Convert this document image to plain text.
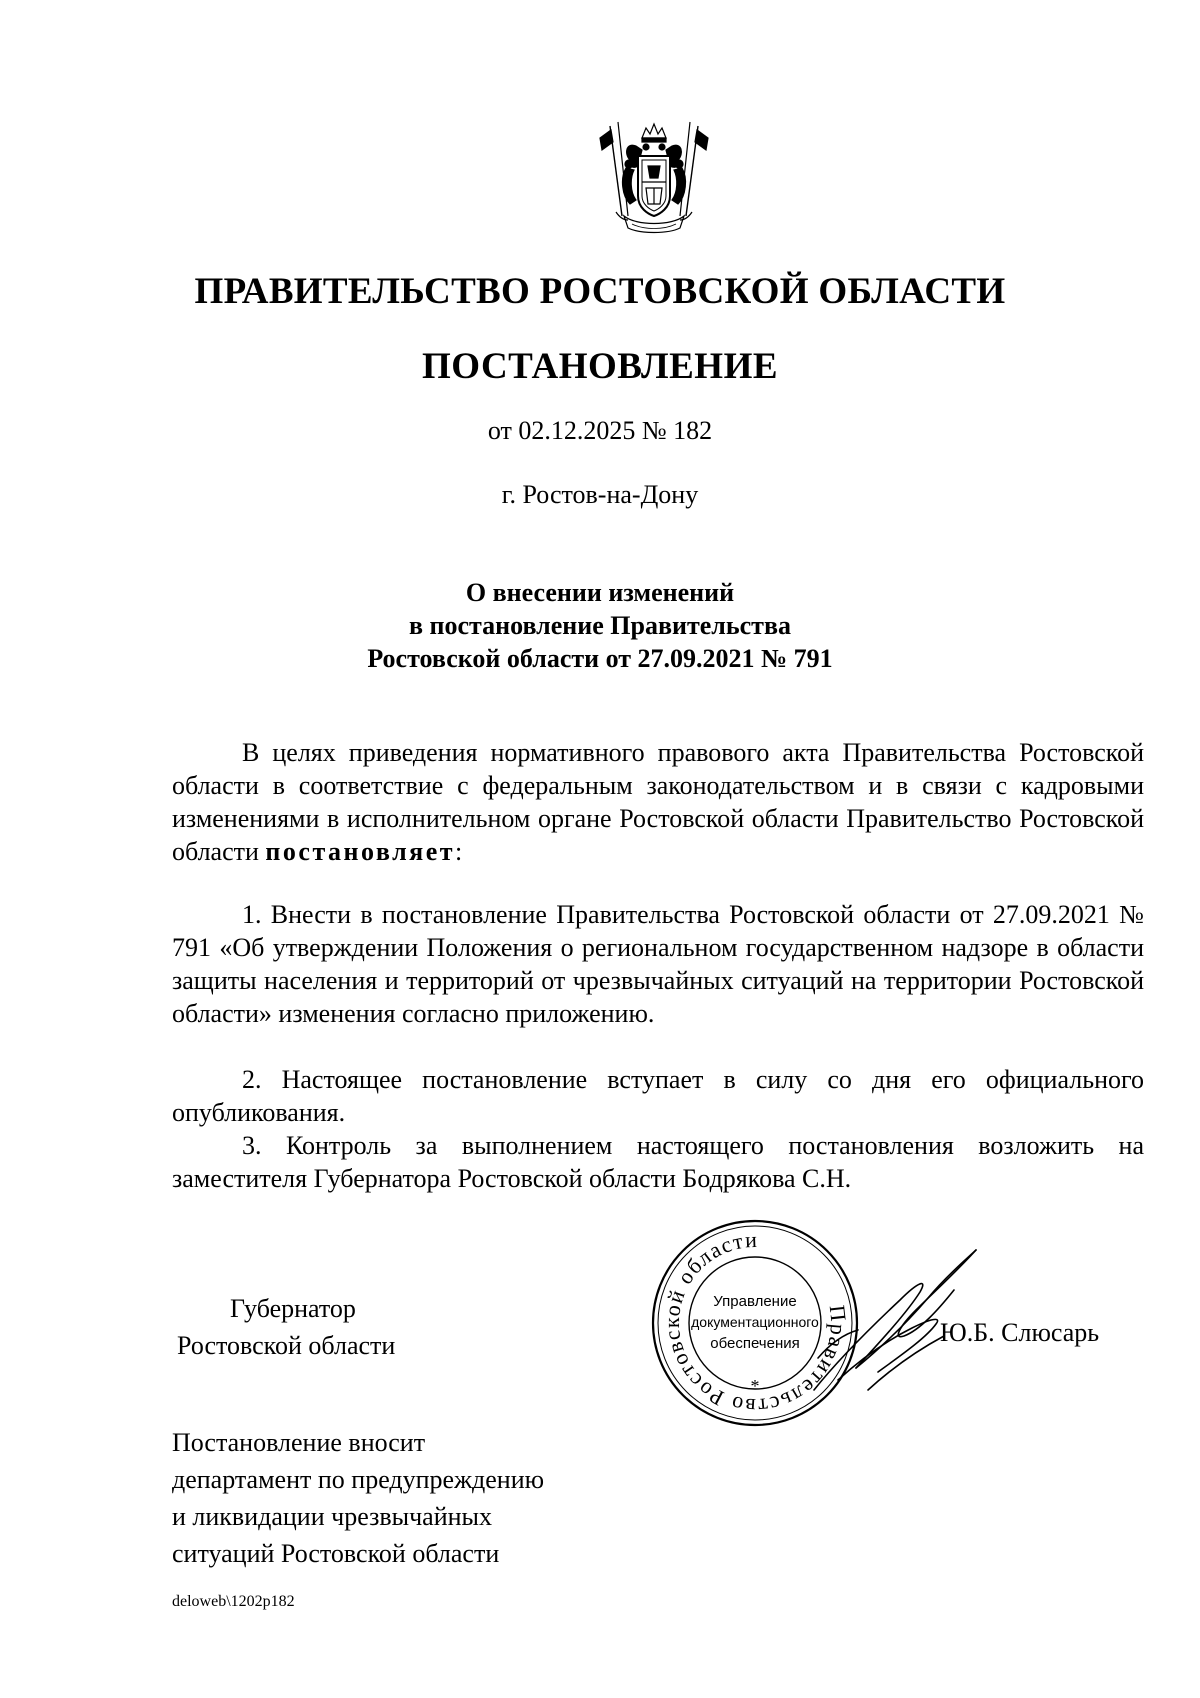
ПРАВИТЕЛЬСТВО РОСТОВСКОЙ ОБЛАСТИ
ПОСТАНОВЛЕНИЕ
от 02.12.2025 № 182
г. Ростов-на-Дону
О внесении изменений
в постановление Правительства
Ростовской области от 27.09.2021 № 791
В целях приведения нормативного правового акта Правительства Ростовской области в соответствие с федеральным законодательством и в связи с кадровыми изменениями в исполнительном органе Ростовской области Правительство Ростовской области постановляет:
1. Внести в постановление Правительства Ростовской области от 27.09.2021 № 791 «Об утверждении Положения о региональном государственном надзоре в области защиты населения и территорий от чрезвычайных ситуаций на территории Ростовской области» изменения согласно приложению.
2. Настоящее постановление вступает в силу со дня его официального опубликования.
3. Контроль за выполнением настоящего постановления возложить на заместителя Губернатора Ростовской области Бодрякова С.Н.
Губернатор
Ростовской области
Правительство Ростовской области
*
Управление
документационного
обеспечения	Ю.Б. Слюсарь
Постановление вносит
департамент по предупреждению
и ликвидации чрезвычайных
ситуаций Ростовской области
deloweb\1202p182
